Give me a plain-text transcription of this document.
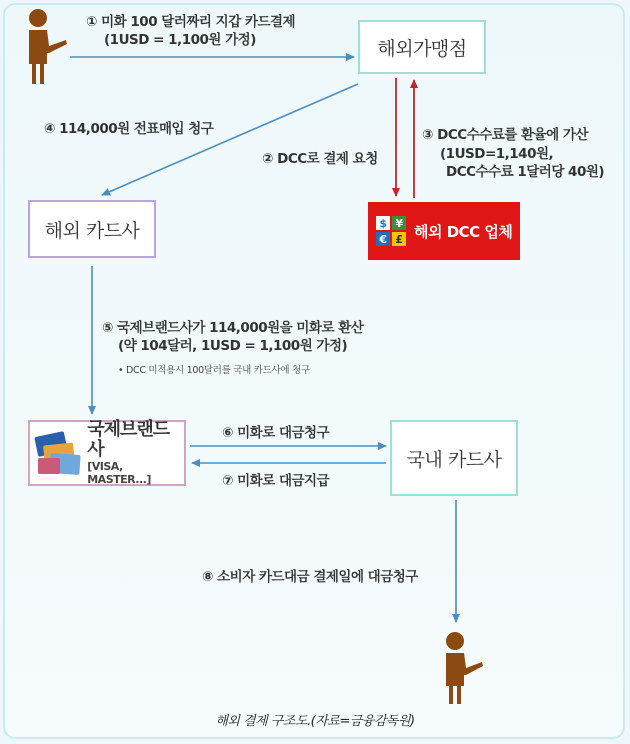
해외가맹점
해외 카드사	$ ¥
€ £ 해외 DCC 업체
국제브랜드사
[VISA, MASTER...]
국내 카드사
① 미화 100 달러짜리 지갑 카드결제
(1USD = 1,100원 가정)
④ 114,000원 전표매입 청구
② DCC로 결제 요청
③ DCC수수료를 환율에 가산
(1USD=1,140원,
DCC수수료 1달러당 40원)
⑤ 국제브랜드사가 114,000원을 미화로 환산
(약 104달러, 1USD = 1,100원 가정)
• DCC 미적용시 100달러를 국내 카드사에 청구
⑥ 미화로 대금청구
⑦ 미화로 대금지급
⑧ 소비자 카드대금 결제일에 대금청구
해외 결제 구조도.(자료=금융감독원)
